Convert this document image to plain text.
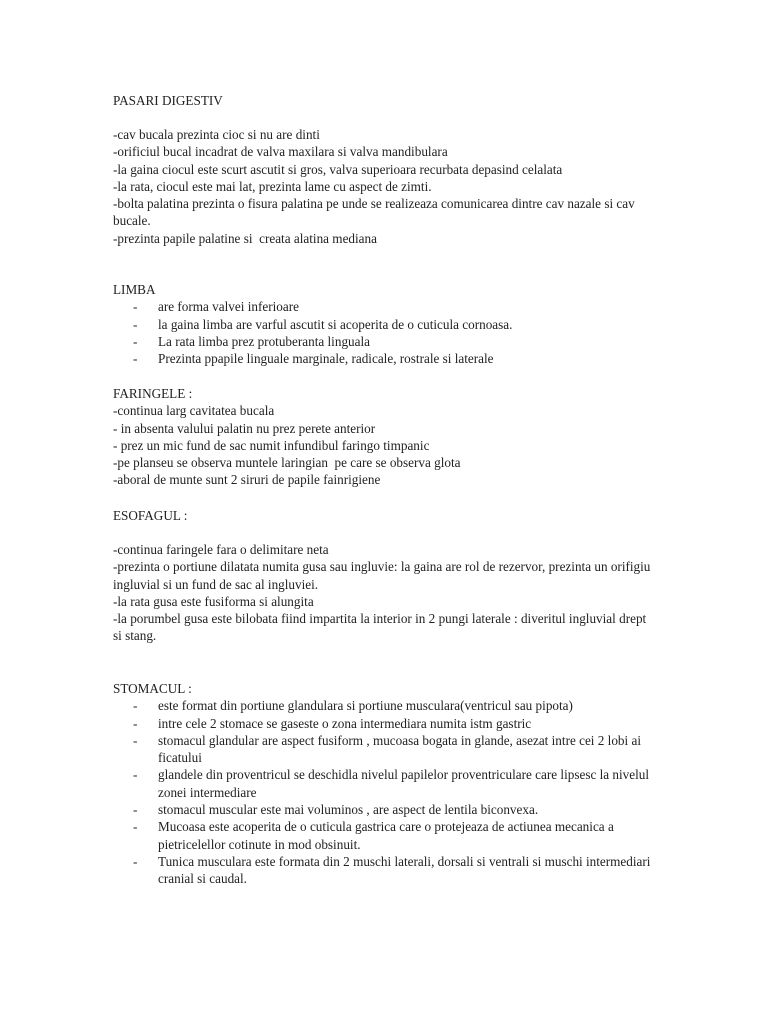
PASARI DIGESTIV

-cav bucala prezinta cioc si nu are dinti

-orificiul bucal incadrat de valva maxilara si valva mandibulara

-la gaina ciocul este scurt ascutit si gros, valva superioara recurbata depasind celalata

-la rata, ciocul este mai lat, prezinta lame cu aspect de zimti.

-bolta palatina prezinta o fisura palatina pe unde se realizeaza comunicarea dintre cav nazale si cav bucale.

-prezinta papile palatine si  creata alatina mediana

LIMBA
- are forma valvei inferioare
- la gaina limba are varful ascutit si acoperita de o cuticula cornoasa.
- La rata limba prez protuberanta linguala
- Prezinta ppapile linguale marginale, radicale, rostrale si laterale
FARINGELE :

-continua larg cavitatea bucala

- in absenta valului palatin nu prez perete anterior

- prez un mic fund de sac numit infundibul faringo timpanic

-pe planseu se observa muntele laringian  pe care se observa glota

-aboral de munte sunt 2 siruri de papile fainrigiene

ESOFAGUL :

-continua faringele fara o delimitare neta

-prezinta o portiune dilatata numita gusa sau ingluvie: la gaina are rol de rezervor, prezinta un orifigiu ingluvial si un fund de sac al ingluviei.

-la rata gusa este fusiforma si alungita

-la porumbel gusa este bilobata fiind impartita la interior in 2 pungi laterale : diveritul ingluvial drept si stang.

STOMACUL :
- este format din portiune glandulara si portiune musculara(ventricul sau pipota)
- intre cele 2 stomace se gaseste o zona intermediara numita istm gastric
- stomacul glandular are aspect fusiform , mucoasa bogata in glande, asezat intre cei 2 lobi ai ficatului
- glandele din proventricul se deschidla nivelul papilelor proventriculare care lipsesc la nivelul zonei intermediare
- stomacul muscular este mai voluminos , are aspect de lentila biconvexa.
- Mucoasa este acoperita de o cuticula gastrica care o protejeaza de actiunea mecanica a pietricelellor cotinute in mod obsinuit.
- Tunica musculara este formata din 2 muschi laterali, dorsali si ventrali si muschi intermediari cranial si caudal.
